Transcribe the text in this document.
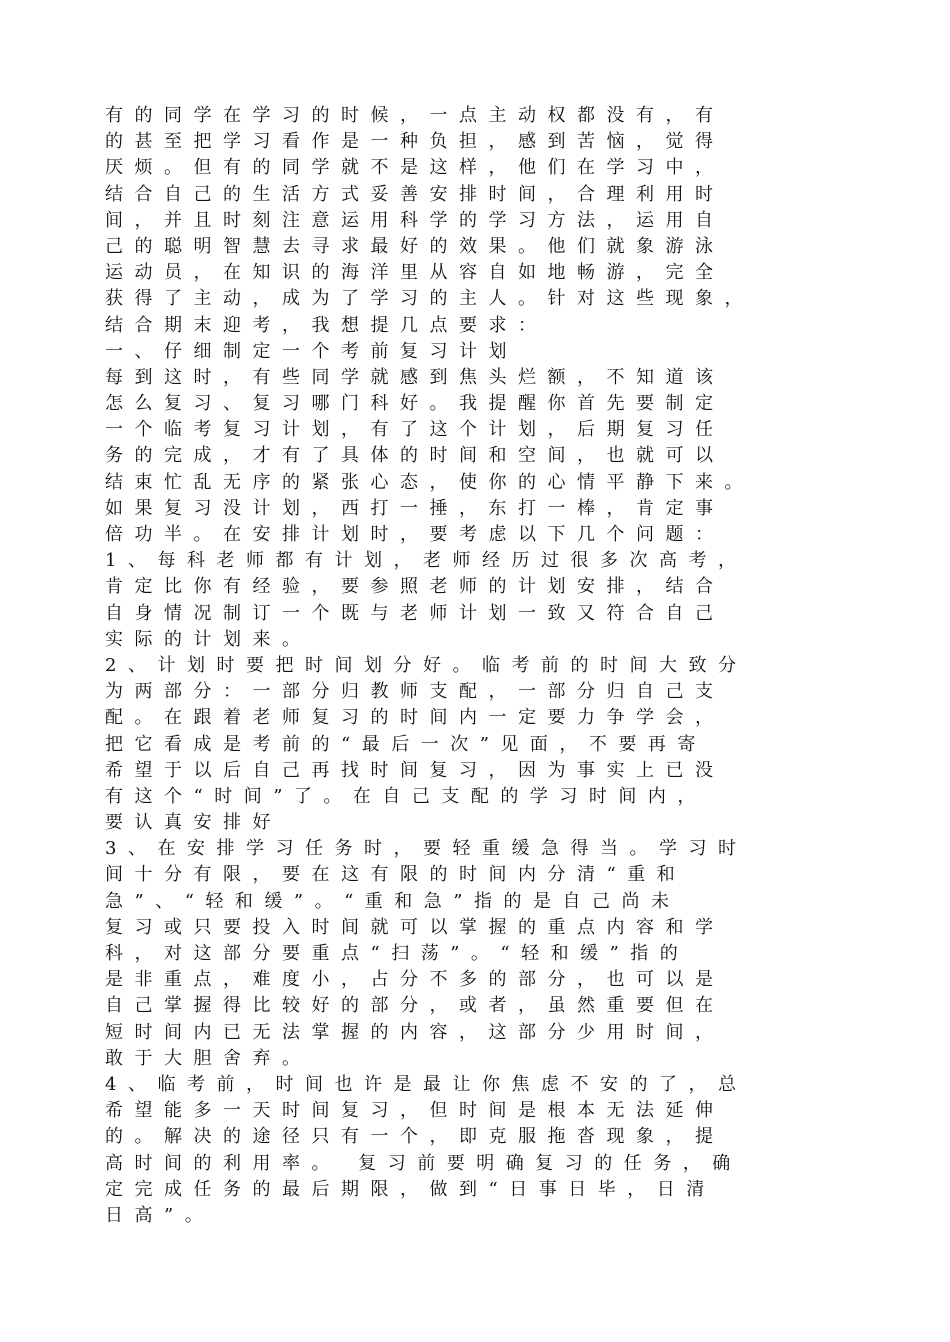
有的同学在学习的时候，一点主动权都没有，有
的甚至把学习看作是一种负担，感到苦恼，觉得
厌烦。但有的同学就不是这样，他们在学习中，
结合自己的生活方式妥善安排时间，合理利用时
间，并且时刻注意运用科学的学习方法，运用自
己的聪明智慧去寻求最好的效果。他们就象游泳
运动员，在知识的海洋里从容自如地畅游，完全
获得了主动，成为了学习的主人。针对这些现象，
结合期末迎考，我想提几点要求：
一、仔细制定一个考前复习计划
每到这时，有些同学就感到焦头烂额，不知道该
怎么复习、复习哪门科好。我提醒你首先要制定
一个临考复习计划，有了这个计划，后期复习任
务的完成，才有了具体的时间和空间，也就可以
结束忙乱无序的紧张心态，使你的心情平静下来。
如果复习没计划，西打一捶，东打一棒，肯定事
倍功半。在安排计划时，要考虑以下几个问题：
1、每科老师都有计划，老师经历过很多次高考，
肯定比你有经验，要参照老师的计划安排，结合
自身情况制订一个既与老师计划一致又符合自己
实际的计划来。
2、计划时要把时间划分好。临考前的时间大致分
为两部分：一部分归教师支配，一部分归自己支
配。在跟着老师复习的时间内一定要力争学会，
把它看成是考前的“最后一次”见面，不要再寄
希望于以后自己再找时间复习，因为事实上已没
有这个“时间”了。在自己支配的学习时间内，
要认真安排好
3、在安排学习任务时，要轻重缓急得当。学习时
间十分有限，要在这有限的时间内分清“重和
急”、“轻和缓”。“重和急”指的是自己尚未
复习或只要投入时间就可以掌握的重点内容和学
科，对这部分要重点“扫荡”。“轻和缓”指的
是非重点，难度小，占分不多的部分，也可以是
自己掌握得比较好的部分，或者，虽然重要但在
短时间内已无法掌握的内容，这部分少用时间，
敢于大胆舍弃。
4、临考前，时间也许是最让你焦虑不安的了，总
希望能多一天时间复习，但时间是根本无法延伸
的。解决的途径只有一个，即克服拖沓现象，提
高时间的利用率。 复习前要明确复习的任务，确
定完成任务的最后期限，做到“日事日毕，日清
日高”。
